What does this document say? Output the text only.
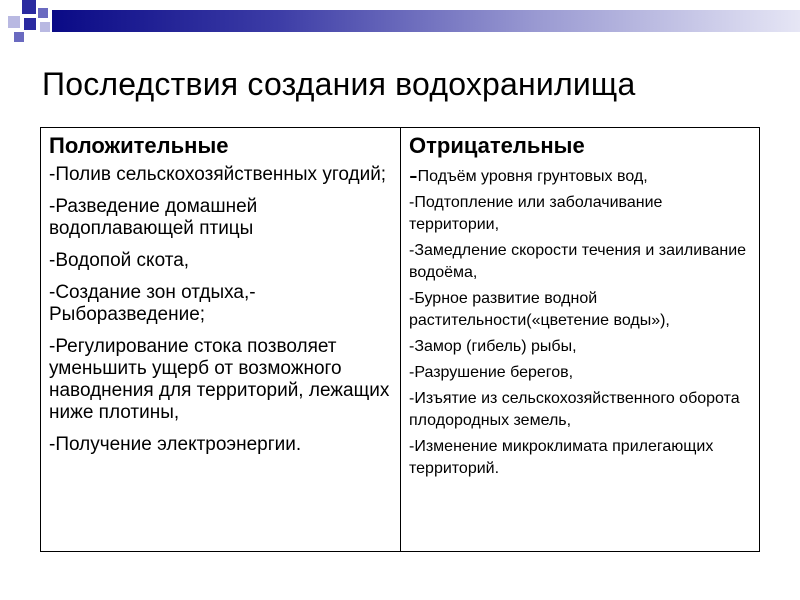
Последствия создания водохранилища
Положительные
-Полив сельскохозяйственных угодий;
-Разведение домашней водоплавающей птицы
-Водопой скота,
-Создание зон отдыха,-Рыборазведение;
-Регулирование стока позволяет уменьшить ущерб от возможного наводнения для территорий, лежащих ниже плотины,
-Получение электроэнергии.
Отрицательные
-Подъём уровня грунтовых вод,
-Подтопление или заболачивание территории,
-Замедление скорости течения и заиливание водоёма,
-Бурное развитие водной растительности(«цветение воды»),
-Замор (гибель) рыбы,
-Разрушение берегов,
-Изъятие из сельскохозяйственного оборота плодородных земель,
-Изменение микроклимата прилегающих территорий.
